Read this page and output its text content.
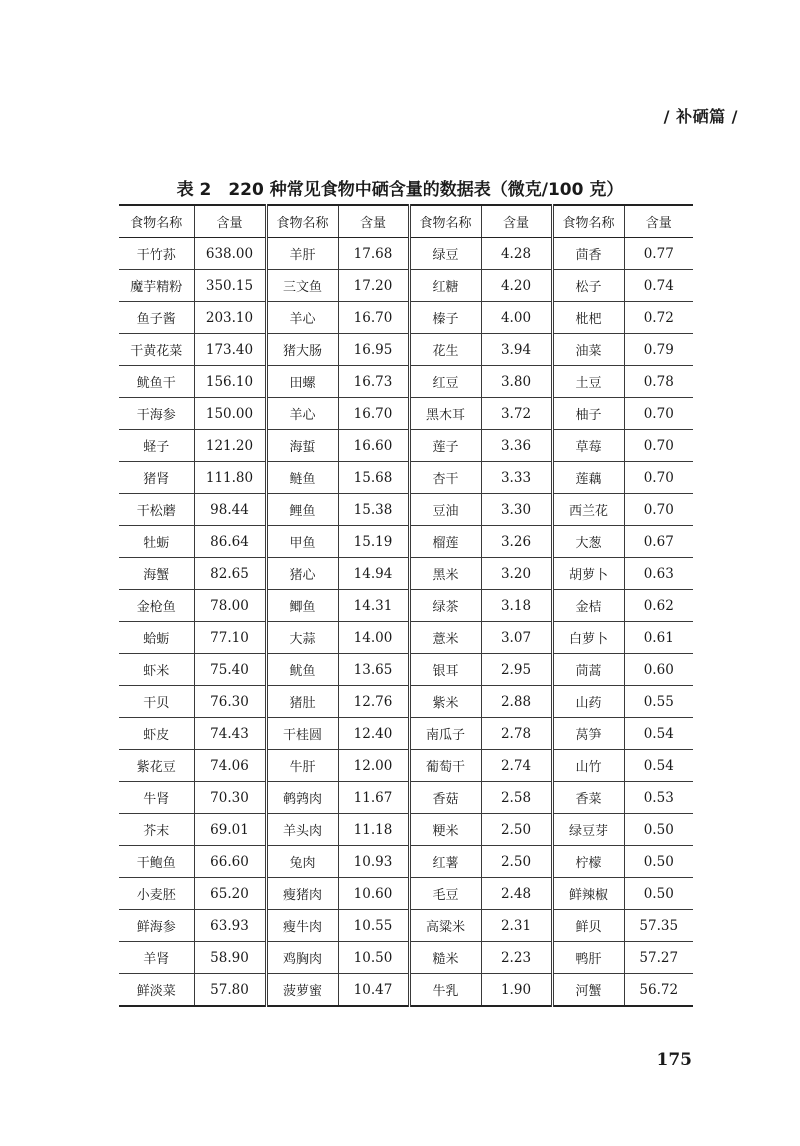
/ 补硒篇 /
表 2　220 种常见食物中硒含量的数据表（微克/100 克）
食物名称	含量	食物名称	含量	食物名称	含量	食物名称	含量
干竹荪	638.00	羊肝	17.68	绿豆	4.28	茴香	0.77
魔芋精粉	350.15	三文鱼	17.20	红糖	4.20	松子	0.74
鱼子酱	203.10	羊心	16.70	榛子	4.00	枇杷	0.72
干黄花菜	173.40	猪大肠	16.95	花生	3.94	油菜	0.79
鱿鱼干	156.10	田螺	16.73	红豆	3.80	土豆	0.78
干海参	150.00	羊心	16.70	黑木耳	3.72	柚子	0.70
蛏子	121.20	海蜇	16.60	莲子	3.36	草莓	0.70
猪肾	111.80	鲢鱼	15.68	杏干	3.33	莲藕	0.70
干松蘑	98.44	鲤鱼	15.38	豆油	3.30	西兰花	0.70
牡蛎	86.64	甲鱼	15.19	榴莲	3.26	大葱	0.67
海蟹	82.65	猪心	14.94	黑米	3.20	胡萝卜	0.63
金枪鱼	78.00	鲫鱼	14.31	绿茶	3.18	金桔	0.62
蛤蛎	77.10	大蒜	14.00	薏米	3.07	白萝卜	0.61
虾米	75.40	鱿鱼	13.65	银耳	2.95	茼蒿	0.60
干贝	76.30	猪肚	12.76	紫米	2.88	山药	0.55
虾皮	74.43	干桂圆	12.40	南瓜子	2.78	莴笋	0.54
紫花豆	74.06	牛肝	12.00	葡萄干	2.74	山竹	0.54
牛肾	70.30	鹌鹑肉	11.67	香菇	2.58	香菜	0.53
芥末	69.01	羊头肉	11.18	粳米	2.50	绿豆芽	0.50
干鲍鱼	66.60	兔肉	10.93	红薯	2.50	柠檬	0.50
小麦胚	65.20	瘦猪肉	10.60	毛豆	2.48	鲜辣椒	0.50
鲜海参	63.93	瘦牛肉	10.55	高粱米	2.31	鲜贝	57.35
羊肾	58.90	鸡胸肉	10.50	糙米	2.23	鸭肝	57.27
鲜淡菜	57.80	菠萝蜜	10.47	牛乳	1.90	河蟹	56.72
175
